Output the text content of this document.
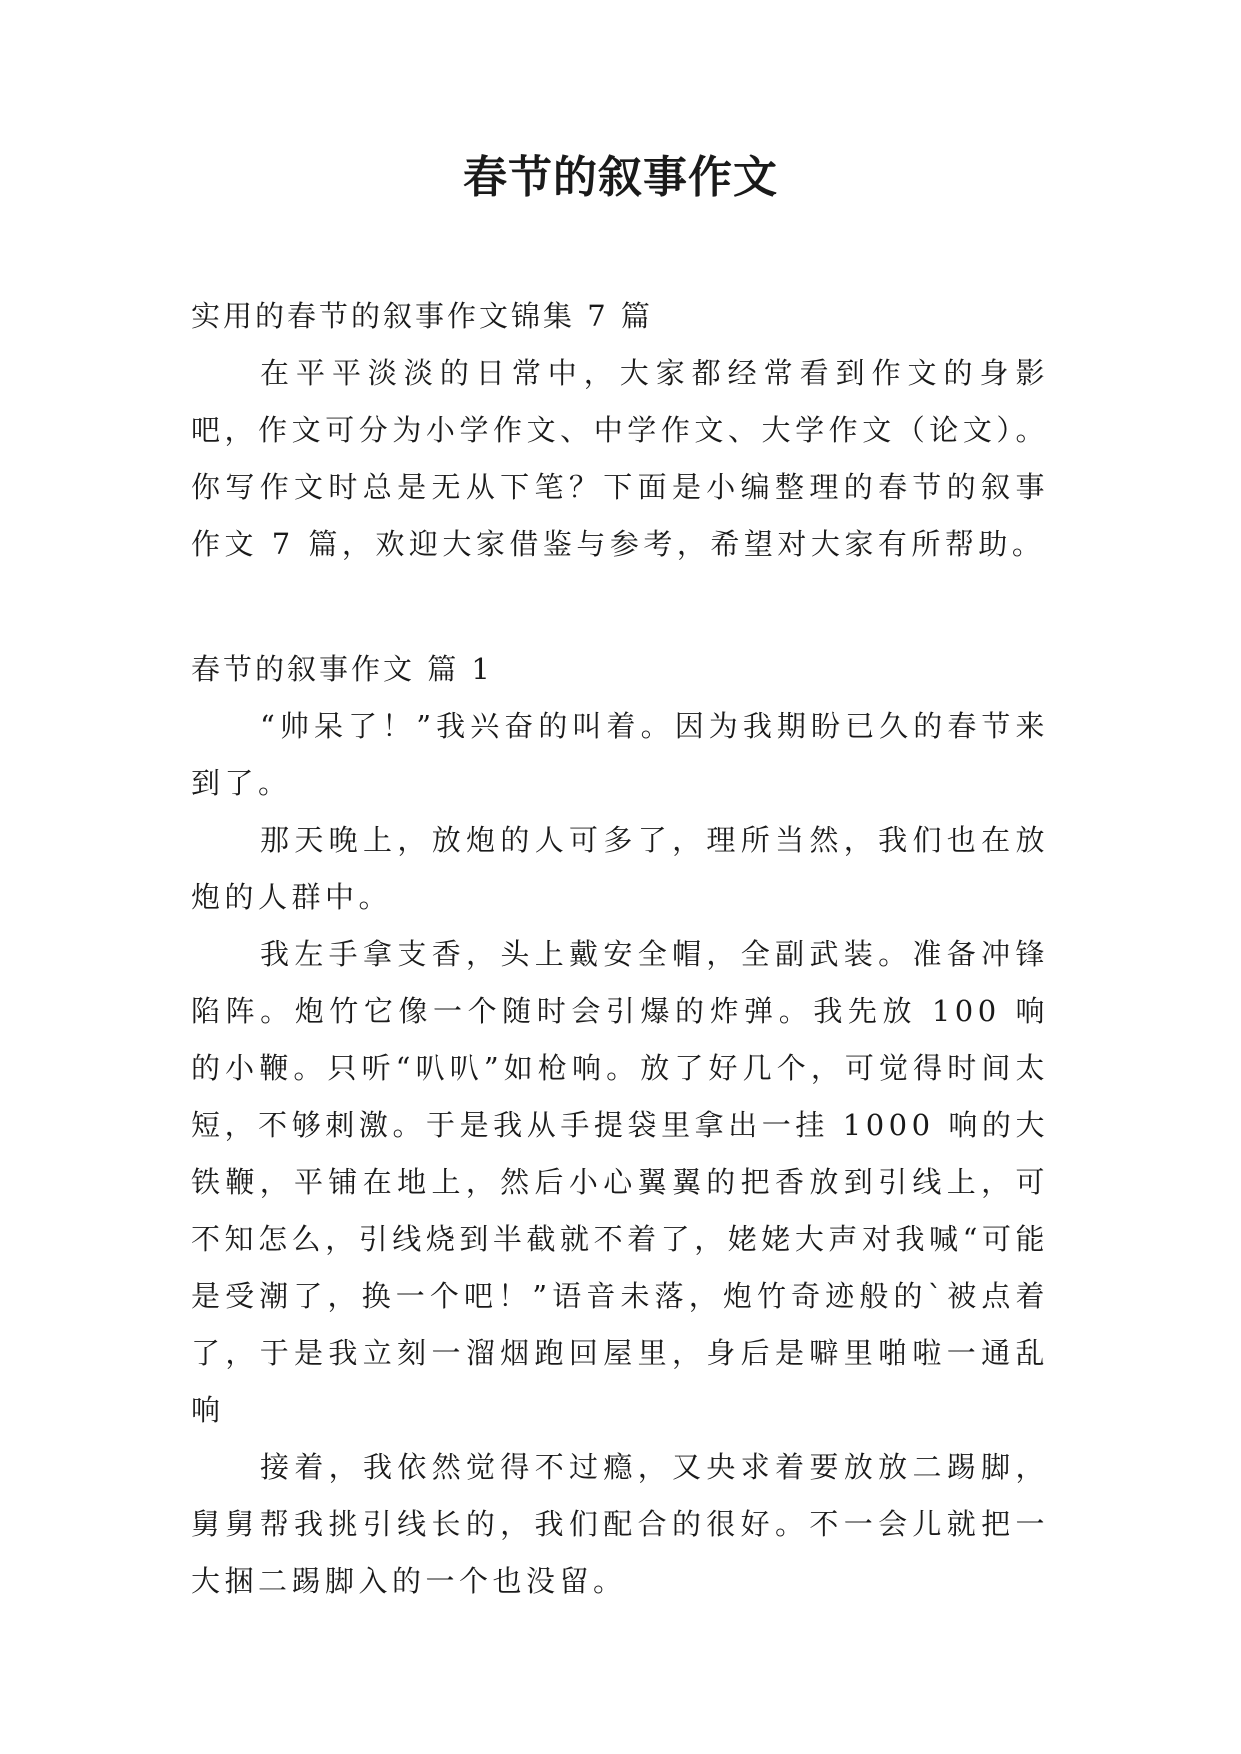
春节的叙事作文

实用的春节的叙事作文锦集 7 篇

在平平淡淡的日常中，大家都经常看到作文的身影吧，作文可分为小学作文、中学作文、大学作文（论文）。你写作文时总是无从下笔？下面是小编整理的春节的叙事作文 7 篇，欢迎大家借鉴与参考，希望对大家有所帮助。

春节的叙事作文 篇 1

“帅呆了！”我兴奋的叫着。因为我期盼已久的春节来到了。

那天晚上，放炮的人可多了，理所当然，我们也在放炮的人群中。

我左手拿支香，头上戴安全帽，全副武装。准备冲锋陷阵。炮竹它像一个随时会引爆的炸弹。我先放 100 响的小鞭。只听“叭叭”如枪响。放了好几个，可觉得时间太短，不够刺激。于是我从手提袋里拿出一挂 1000 响的大铁鞭，平铺在地上，然后小心翼翼的把香放到引线上，可不知怎么，引线烧到半截就不着了，姥姥大声对我喊“可能是受潮了，换一个吧！”语音未落，炮竹奇迹般的`被点着了，于是我立刻一溜烟跑回屋里，身后是噼里啪啦一通乱响

接着，我依然觉得不过瘾，又央求着要放放二踢脚，舅舅帮我挑引线长的，我们配合的很好。不一会儿就把一大捆二踢脚入的一个也没留。
